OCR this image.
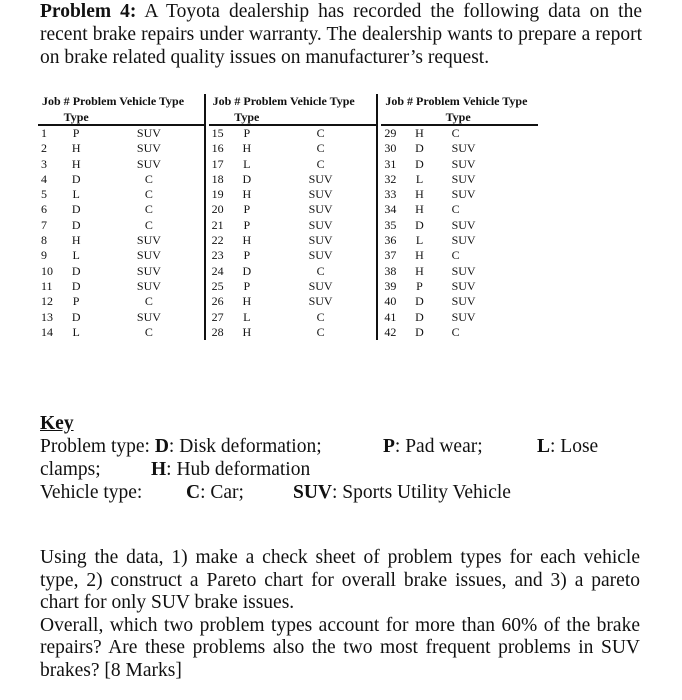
Problem 4: A Toyota dealership has recorded the following data on the recent brake repairs under warranty. The dealership wants to prepare a report on brake related quality issues on manufacturer’s request.
Job # Problem Vehicle Type				Job # Problem Vehicle Type				Job # Problem Vehicle Type		
	Type				Type					Type
1	P	SUV		15	P	C		29	H	C
2	H	SUV		16	H	C		30	D	SUV
3	H	SUV		17	L	C		31	D	SUV
4	D	C		18	D	SUV		32	L	SUV
5	L	C		19	H	SUV		33	H	SUV
6	D	C		20	P	SUV		34	H	C
7	D	C		21	P	SUV		35	D	SUV
8	H	SUV		22	H	SUV		36	L	SUV
9	L	SUV		23	P	SUV		37	H	C
10	D	SUV		24	D	C		38	H	SUV
11	D	SUV		25	P	SUV		39	P	SUV
12	P	C		26	H	SUV		40	D	SUV
13	D	SUV		27	L	C		41	D	SUV
14	L	C		28	H	C		42	D	C
Key
Problem type: D: Disk deformation;	P: Pad wear;	L: Lose
clamps;	H: Hub deformation
Vehicle type: C: Car;	SUV: Sports Utility Vehicle
Using the data, 1) make a check sheet of problem types for each vehicle type, 2) construct a Pareto chart for overall brake issues, and 3) a pareto chart for only SUV brake issues.
Overall, which two problem types account for more than 60% of the brake repairs? Are these problems also the two most frequent problems in SUV brakes? [8 Marks]
